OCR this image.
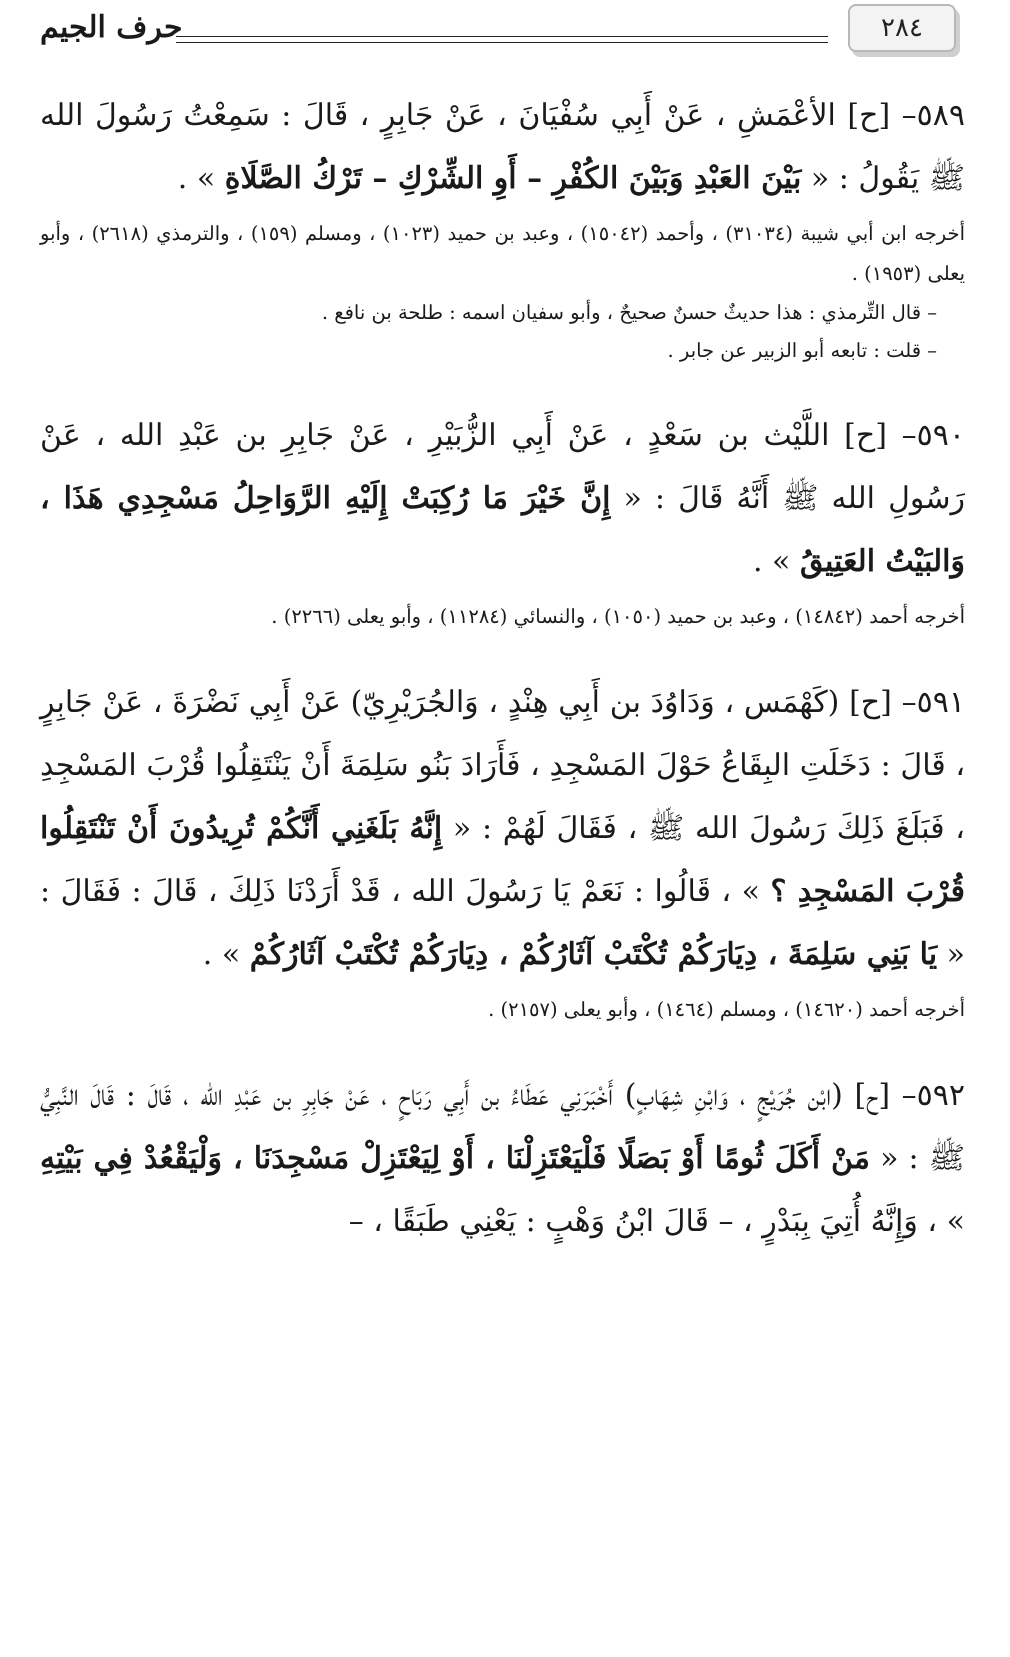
٢٨٤
حرف الجيم

٥٨٩– [ح] الأعْمَشِ ، عَنْ أَبِي سُفْيَانَ ، عَنْ جَابِرٍ ، قَالَ : سَمِعْتُ رَسُولَ الله ﷺ يَقُولُ : « بَيْنَ العَبْدِ وَبَيْنَ الكُفْرِ – أَوِ الشِّرْكِ – تَرْكُ الصَّلَاةِ » .

أخرجه ابن أبي شيبة (٣١٠٣٤) ، وأحمد (١٥٠٤٢) ، وعبد بن حميد (١٠٢٣) ، ومسلم (١٥٩) ، والترمذي (٢٦١٨) ، وأبو يعلى (١٩٥٣) .

– قال التِّرمذي : هذا حديثٌ حسنٌ صحيحٌ ، وأبو سفيان اسمه : طلحة بن نافع .

– قلت : تابعه أبو الزبير عن جابر .

٥٩٠– [ح] اللَّيْث بن سَعْدٍ ، عَنْ أَبِي الزُّبَيْرِ ، عَنْ جَابِرِ بن عَبْدِ الله ، عَنْ رَسُولِ الله ﷺ أَنَّهُ قَالَ : « إِنَّ خَيْرَ مَا رُكِبَتْ إِلَيْهِ الرَّوَاحِلُ مَسْجِدِي هَذَا ، وَالبَيْتُ العَتِيقُ » .

أخرجه أحمد (١٤٨٤٢) ، وعبد بن حميد (١٠٥٠) ، والنسائي (١١٢٨٤) ، وأبو يعلى (٢٢٦٦) .

٥٩١– [ح] (كَهْمَس ، وَدَاوُدَ بن أَبِي هِنْدٍ ، وَالجُرَيْرِيّ) عَنْ أَبِي نَضْرَةَ ، عَنْ جَابِرٍ ، قَالَ : دَخَلَتِ البِقَاعُ حَوْلَ المَسْجِدِ ، فَأَرَادَ بَنُو سَلِمَةَ أَنْ يَنْتَقِلُوا قُرْبَ المَسْجِدِ ، فَبَلَغَ ذَلِكَ رَسُولَ الله ﷺ ، فَقَالَ لَهُمْ : « إِنَّهُ بَلَغَنِي أَنَّكُمْ تُرِيدُونَ أَنْ تَنْتَقِلُوا قُرْبَ المَسْجِدِ ؟ » ، قَالُوا : نَعَمْ يَا رَسُولَ الله ، قَدْ أَرَدْنَا ذَلِكَ ، قَالَ : فَقَالَ : « يَا بَنِي سَلِمَةَ ، دِيَارَكُمْ تُكْتَبْ آثَارُكُمْ ، دِيَارَكُمْ تُكْتَبْ آثَارُكُمْ » .

أخرجه أحمد (١٤٦٢٠) ، ومسلم (١٤٦٤) ، وأبو يعلى (٢١٥٧) .

٥٩٢– [ح] (ابْن جُرَيْجٍ ، وَابْنِ شِهَابٍ) أَخْبَرَنِي عَطَاءُ بن أَبِي رَبَاحٍ ، عَنْ جَابِرِ بن عَبْدِ الله ، قَالَ : قَالَ النَّبِيُّ ﷺ : « مَنْ أَكَلَ ثُومًا أَوْ بَصَلًا فَلْيَعْتَزِلْنَا ، أَوْ لِيَعْتَزِلْ مَسْجِدَنَا ، وَلْيَقْعُدْ فِي بَيْتِهِ » ، وَإِنَّهُ أُتِيَ بِبَدْرٍ ، – قَالَ ابْنُ وَهْبٍ : يَعْنِي طَبَقًا ، –
